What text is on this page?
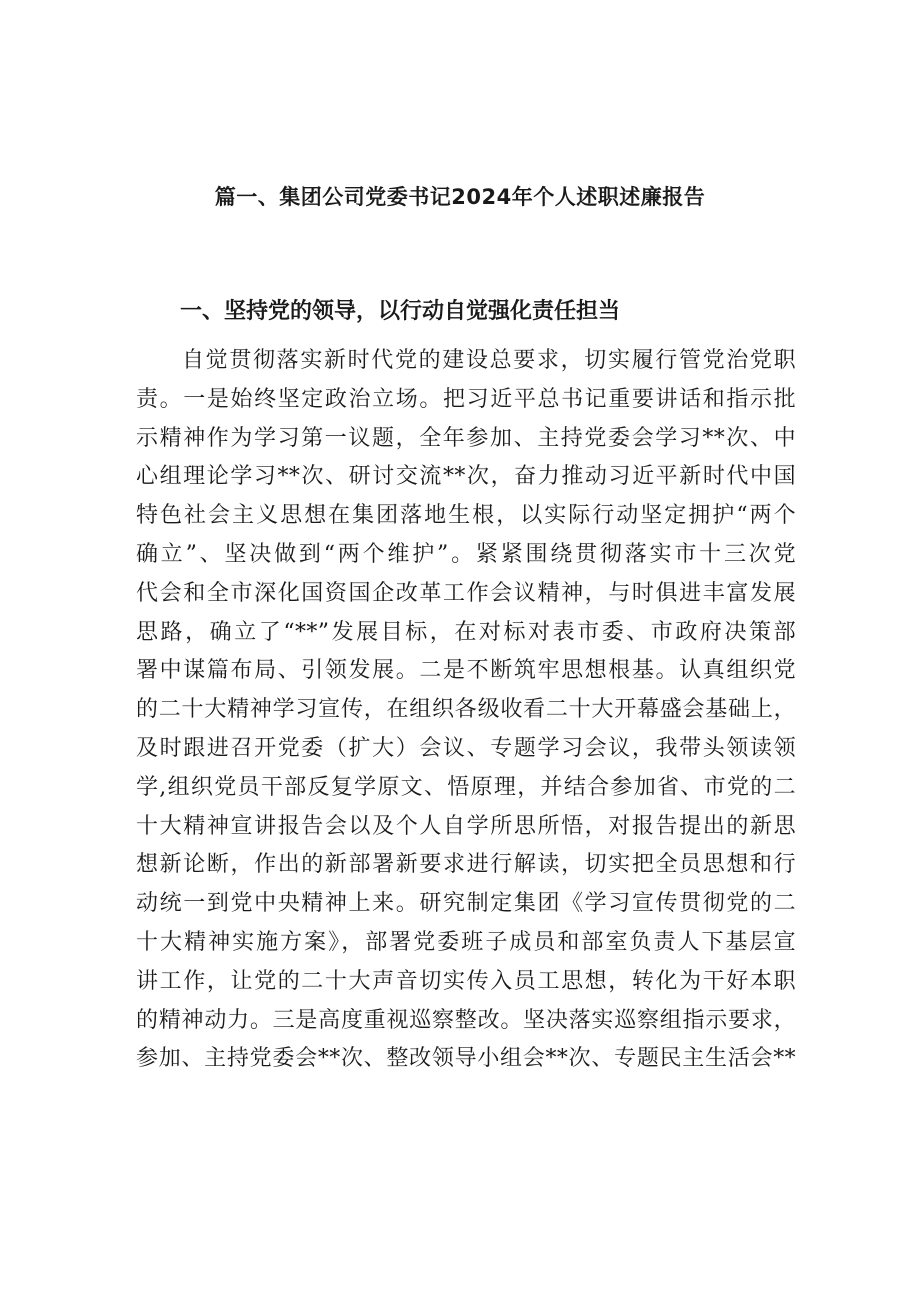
篇一、集团公司党委书记2024年个人述职述廉报告
一、坚持党的领导，以行动自觉强化责任担当
自觉贯彻落实新时代党的建设总要求，切实履行管党治党职
责。一是始终坚定政治立场。把习近平总书记重要讲话和指示批
示精神作为学习第一议题，全年参加、主持党委会学习**次、中
心组理论学习**次、研讨交流**次，奋力推动习近平新时代中国
特色社会主义思想在集团落地生根，以实际行动坚定拥护“两个
确立”、坚决做到“两个维护”。紧紧围绕贯彻落实市十三次党
代会和全市深化国资国企改革工作会议精神，与时俱进丰富发展
思路，确立了“**”发展目标，在对标对表市委、市政府决策部
署中谋篇布局、引领发展。二是不断筑牢思想根基。认真组织党
的二十大精神学习宣传，在组织各级收看二十大开幕盛会基础上，
及时跟进召开党委（扩大）会议、专题学习会议，我带头领读领
学,组织党员干部反复学原文、悟原理，并结合参加省、市党的二
十大精神宣讲报告会以及个人自学所思所悟，对报告提出的新思
想新论断，作出的新部署新要求进行解读，切实把全员思想和行
动统一到党中央精神上来。研究制定集团《学习宣传贯彻党的二
十大精神实施方案》，部署党委班子成员和部室负责人下基层宣
讲工作，让党的二十大声音切实传入员工思想，转化为干好本职
的精神动力。三是高度重视巡察整改。坚决落实巡察组指示要求，
参加、主持党委会**次、整改领导小组会**次、专题民主生活会**
